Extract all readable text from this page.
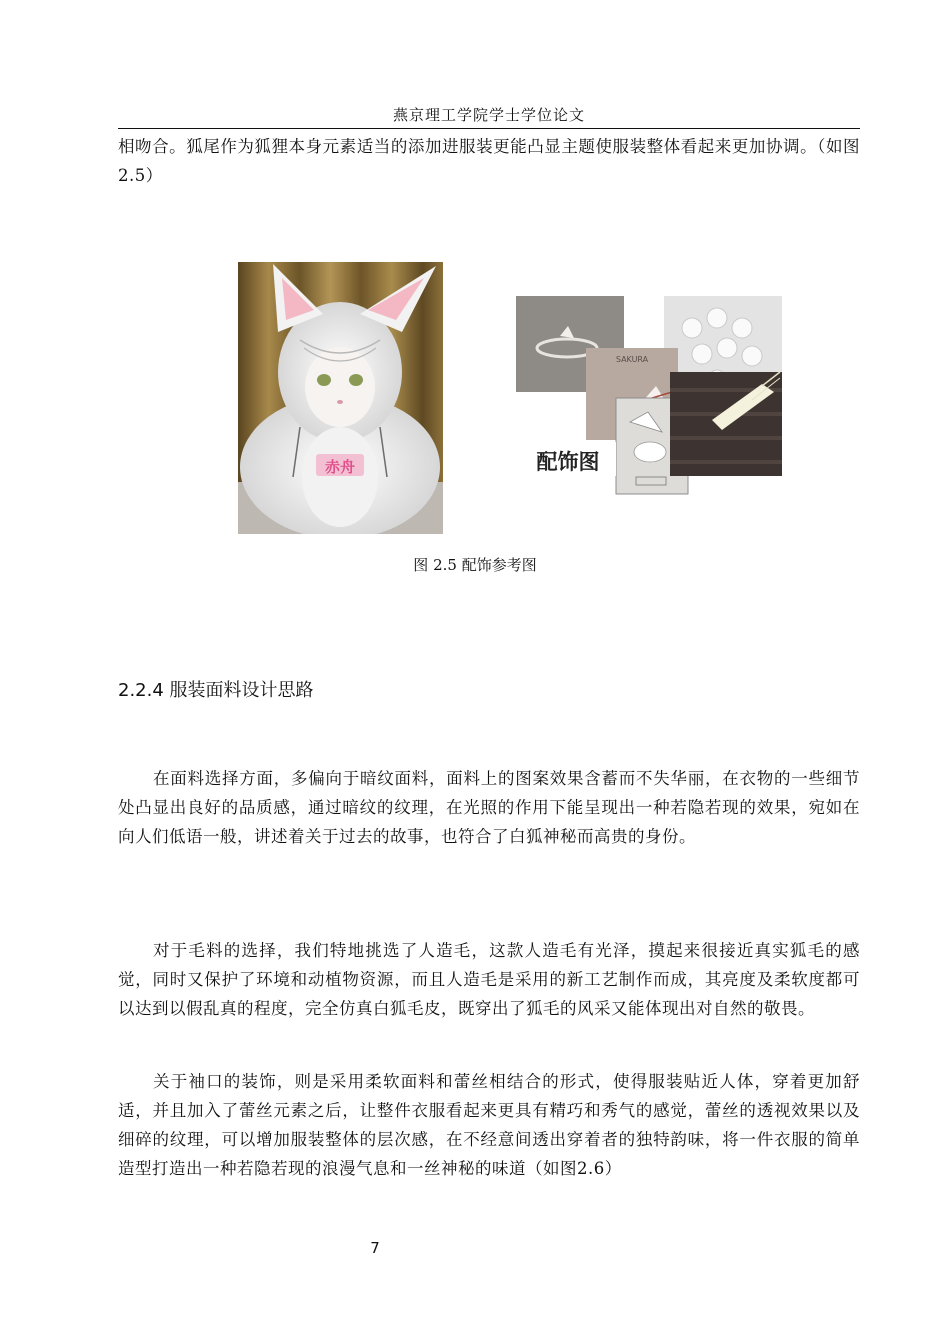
燕京理工学院学士学位论文

相吻合。狐尾作为狐狸本身元素适当的添加进服装更能凸显主题使服装整体看起来更加协调。（如图 2.5）

赤舟
SAKURA
配饰图
图 2.5 配饰参考图
2.2.4 服装面料设计思路

在面料选择方面，多偏向于暗纹面料，面料上的图案效果含蓄而不失华丽，在衣物的一些细节处凸显出良好的品质感，通过暗纹的纹理，在光照的作用下能呈现出一种若隐若现的效果，宛如在向人们低语一般，讲述着关于过去的故事，也符合了白狐神秘而高贵的身份。

对于毛料的选择，我们特地挑选了人造毛，这款人造毛有光泽，摸起来很接近真实狐毛的感觉，同时又保护了环境和动植物资源，而且人造毛是采用的新工艺制作而成，其亮度及柔软度都可以达到以假乱真的程度，完全仿真白狐毛皮，既穿出了狐毛的风采又能体现出对自然的敬畏。

关于袖口的装饰，则是采用柔软面料和蕾丝相结合的形式，使得服装贴近人体，穿着更加舒适，并且加入了蕾丝元素之后，让整件衣服看起来更具有精巧和秀气的感觉，蕾丝的透视效果以及细碎的纹理，可以增加服装整体的层次感，在不经意间透出穿着者的独特韵味，将一件衣服的简单造型打造出一种若隐若现的浪漫气息和一丝神秘的味道（如图2.6）

7
